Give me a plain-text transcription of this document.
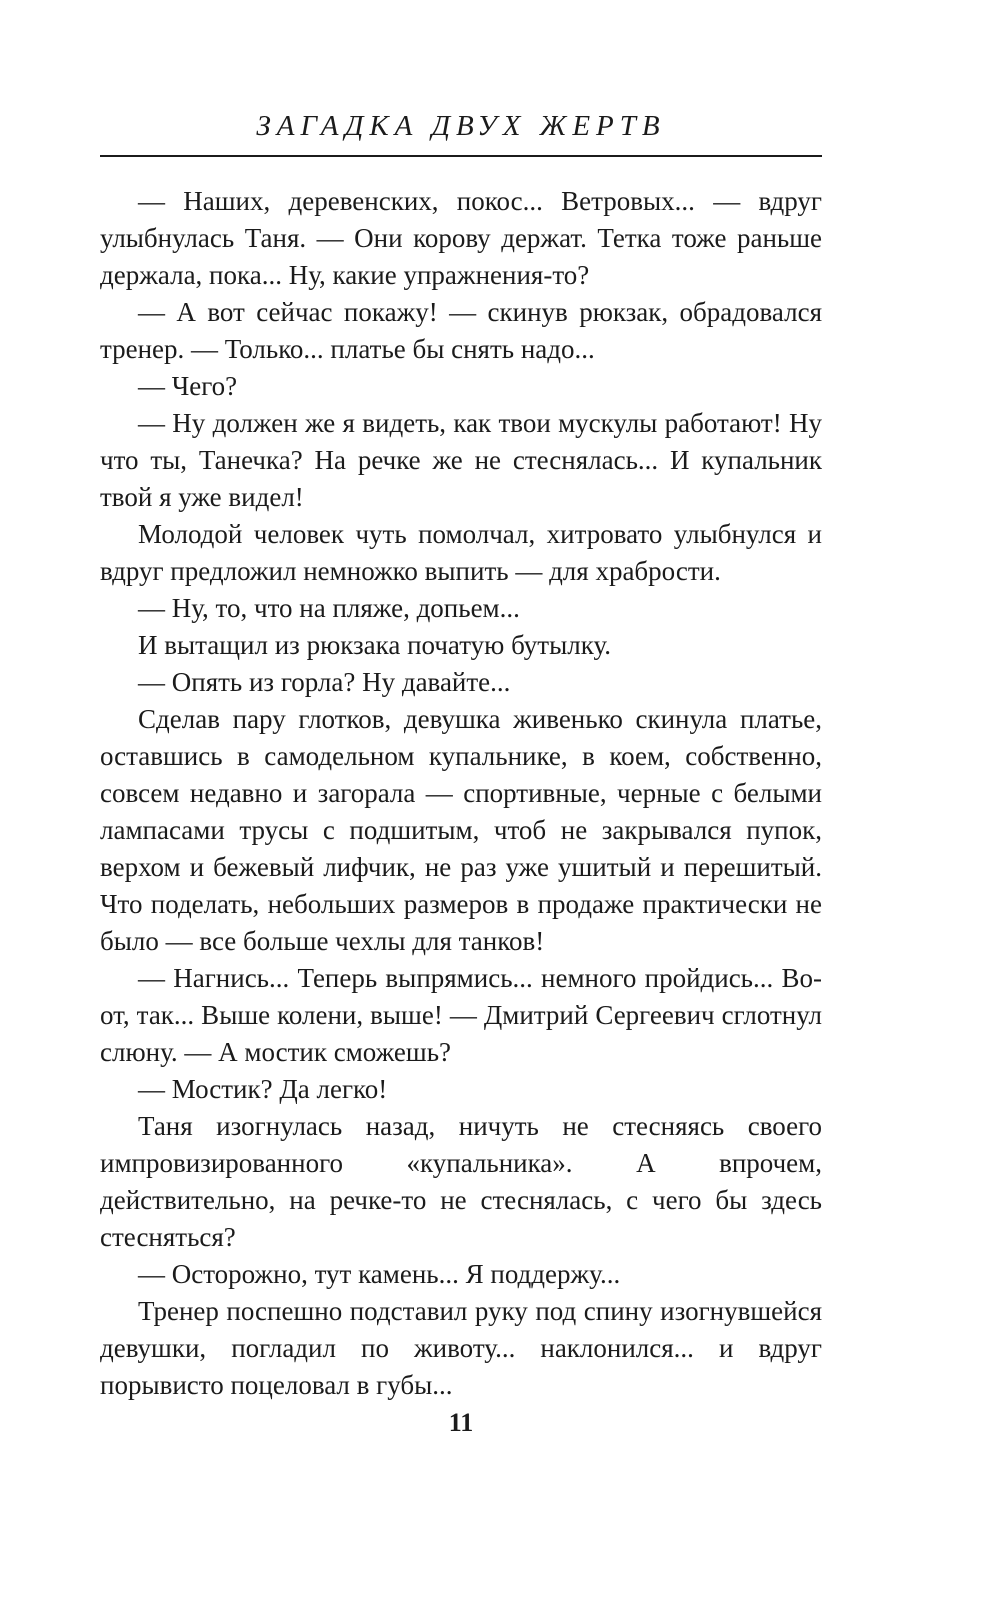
ЗАГАДКА ДВУХ ЖЕРТВ

— Наших, деревенских, покос... Ветровых... — вдруг улыбнулась Таня. — Они корову держат. Тетка тоже раньше держала, пока... Ну, какие упражнения-то?

— А вот сейчас покажу! — скинув рюкзак, обрадовался тренер. — Только... платье бы снять надо...

— Чего?

— Ну должен же я видеть, как твои мускулы работают! Ну что ты, Танечка? На речке же не стеснялась... И купальник твой я уже видел!

Молодой человек чуть помолчал, хитровато улыбнулся и вдруг предложил немножко выпить — для храбрости.

— Ну, то, что на пляже, допьем...

И вытащил из рюкзака початую бутылку.

— Опять из горла? Ну давайте...

Сделав пару глотков, девушка живенько скинула платье, оставшись в самодельном купальнике, в коем, собственно, совсем недавно и загорала — спортивные, черные с белыми лампасами трусы с подшитым, чтоб не закрывался пупок, верхом и бежевый лифчик, не раз уже ушитый и перешитый. Что поделать, небольших размеров в продаже практически не было — все больше чехлы для танков!

— Нагнись... Теперь выпрямись... немного пройдись... Во-от, так... Выше колени, выше! — Дмитрий Сергеевич сглотнул слюну. — А мостик сможешь?

— Мостик? Да легко!

Таня изогнулась назад, ничуть не стесняясь своего импровизированного «купальника». А впрочем, действительно, на речке-то не стеснялась, с чего бы здесь стесняться?

— Осторожно, тут камень... Я поддержу...

Тренер поспешно подставил руку под спину изогнувшейся девушки, погладил по животу... наклонился... и вдруг порывисто поцеловал в губы...

11
